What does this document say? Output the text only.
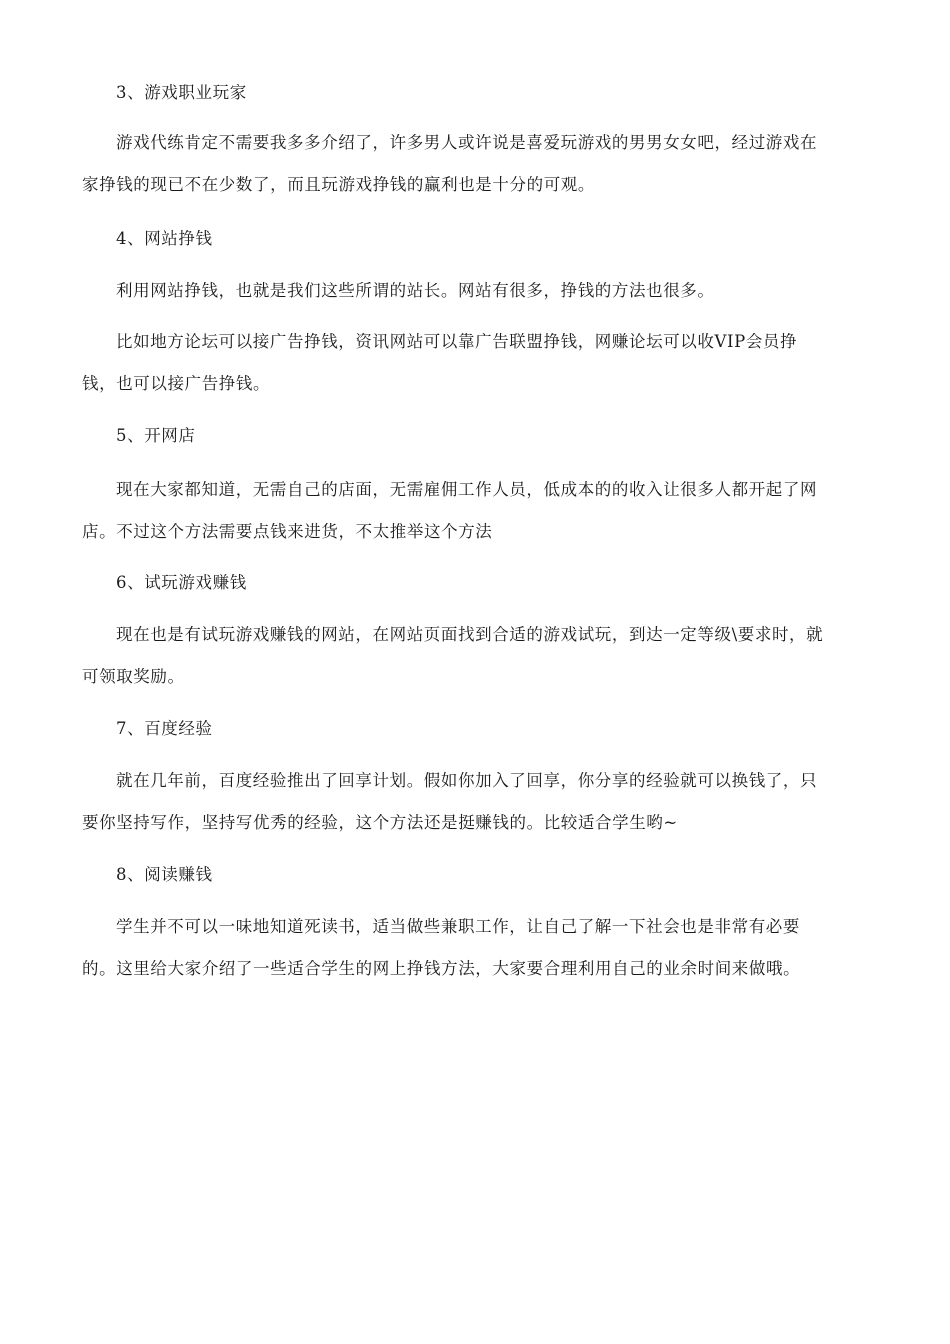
3、游戏职业玩家
游戏代练肯定不需要我多多介绍了，许多男人或许说是喜爱玩游戏的男男女女吧，经过游戏在
家挣钱的现已不在少数了，而且玩游戏挣钱的赢利也是十分的可观。
4、网站挣钱
利用网站挣钱，也就是我们这些所谓的站长。网站有很多，挣钱的方法也很多。
比如地方论坛可以接广告挣钱，资讯网站可以靠广告联盟挣钱，网赚论坛可以收VIP会员挣
钱，也可以接广告挣钱。
5、开网店
现在大家都知道，无需自己的店面，无需雇佣工作人员，低成本的的收入让很多人都开起了网
店。不过这个方法需要点钱来进货，不太推举这个方法
6、试玩游戏赚钱
现在也是有试玩游戏赚钱的网站，在网站页面找到合适的游戏试玩，到达一定等级\要求时，就
可领取奖励。
7、百度经验
就在几年前，百度经验推出了回享计划。假如你加入了回享，你分享的经验就可以换钱了，只
要你坚持写作，坚持写优秀的经验，这个方法还是挺赚钱的。比较适合学生哟~
8、阅读赚钱
学生并不可以一味地知道死读书，适当做些兼职工作，让自己了解一下社会也是非常有必要
的。这里给大家介绍了一些适合学生的网上挣钱方法，大家要合理利用自己的业余时间来做哦。
